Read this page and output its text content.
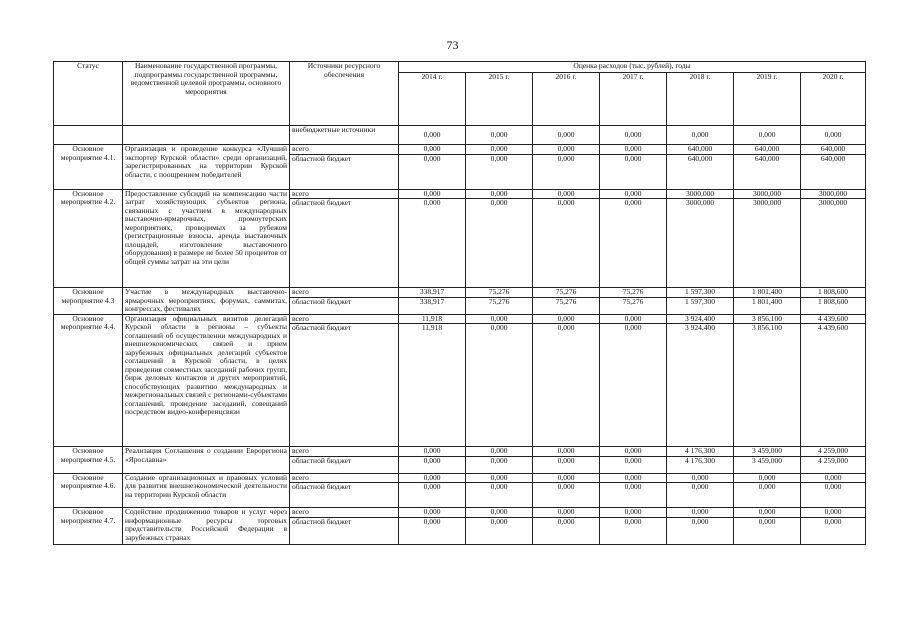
73
Статус	Наименование государственной программы, подпрограммы государственной программы, ведомственной целевой программы, основного мероприятия	Источники ресурсного обеспечения	Оценка расходов (тыс. рублей), годы						
			2014 г.	2015 г.	2016 г.	2017 г.	2018 г.	2019 г.	2020 г.
		внебюджетные источники	0,000	0,000	0,000	0,000	0,000	0,000	0,000
Основное мероприятие 4.1.	Организация и проведение конкурса «Лучший экспортер Курской области» среди организаций, зарегистрированных на территории Курской области, с поощрением победителей	всего	0,000	0,000	0,000	0,000	640,000	640,000	640,000
		областной бюджет	0,000	0,000	0,000	0,000	640,000	640,000	640,000
Основное мероприятие 4.2.	Предоставление субсидий на компенсацию части затрат хозяйствующих субъектов региона, связанных с участием в международных выставочно-ярмарочных, промоутерских мероприятиях, проводимых за рубежом (регистрационные взносы, аренда выставочных площадей, изготовление выставочного оборудования) в размере не более 50 процентов от общей суммы затрат на эти цели	всего	0,000	0,000	0,000	0,000	3000,000	3000,000	3000,000
		областной бюджет	0,000	0,000	0,000	0,000	3000,000	3000,000	3000,000
Основное мероприятие 4.3	Участие в международных выставочно-ярмарочных мероприятиях, форумах, саммитах, конгрессах, фестивалях	всего	338,917	75,276	75,276	75,276	1 597,300	1 801,400	1 808,600
		областной бюджет	338,917	75,276	75,276	75,276	1 597,300	1 801,400	1 808,600
Основное мероприятие 4.4.	Организация официальных визитов делегаций Курской области в регионы – субъекты соглашений об осуществлении международных и внешнеэкономических связей и прием зарубежных официальных делегаций субъектов соглашений в Курской области, в целях проведения совместных заседаний рабочих групп, бирж деловых контактов и других мероприятий, способствующих развитию международных и межрегиональных связей с регионами-субъектами соглашений, проведение заседаний, совещаний посредством видео-конференцсвязи	всего	11,918	0,000	0,000	0,000	3 924,400	3 856,100	4 439,600
		областной бюджет	11,918	0,000	0,000	0,000	3 924,400	3 856,100	4 439,600
Основное мероприятие 4.5.	Реализация Соглашения о создании Еврорегиона «Ярославна»	всего	0,000	0,000	0,000	0,000	4 176,300	3 459,000	4 259,000
		областной бюджет	0,000	0,000	0,000	0,000	4 176,300	3 459,000	4 259,000
Основное мероприятие 4.6.	Создание организационных и правовых условий для развития внешнеэкономической деятельности на территории Курской области	всего	0,000	0,000	0,000	0,000	0,000	0,000	0,000
		областной бюджет	0,000	0,000	0,000	0,000	0,000	0,000	0,000
Основное мероприятие 4.7.	Содействие продвижению товаров и услуг через информационные ресурсы торговых представительств Российской Федерации в зарубежных странах	всего	0,000	0,000	0,000	0,000	0,000	0,000	0,000
		областной бюджет	0,000	0,000	0,000	0,000	0,000	0,000	0,000
